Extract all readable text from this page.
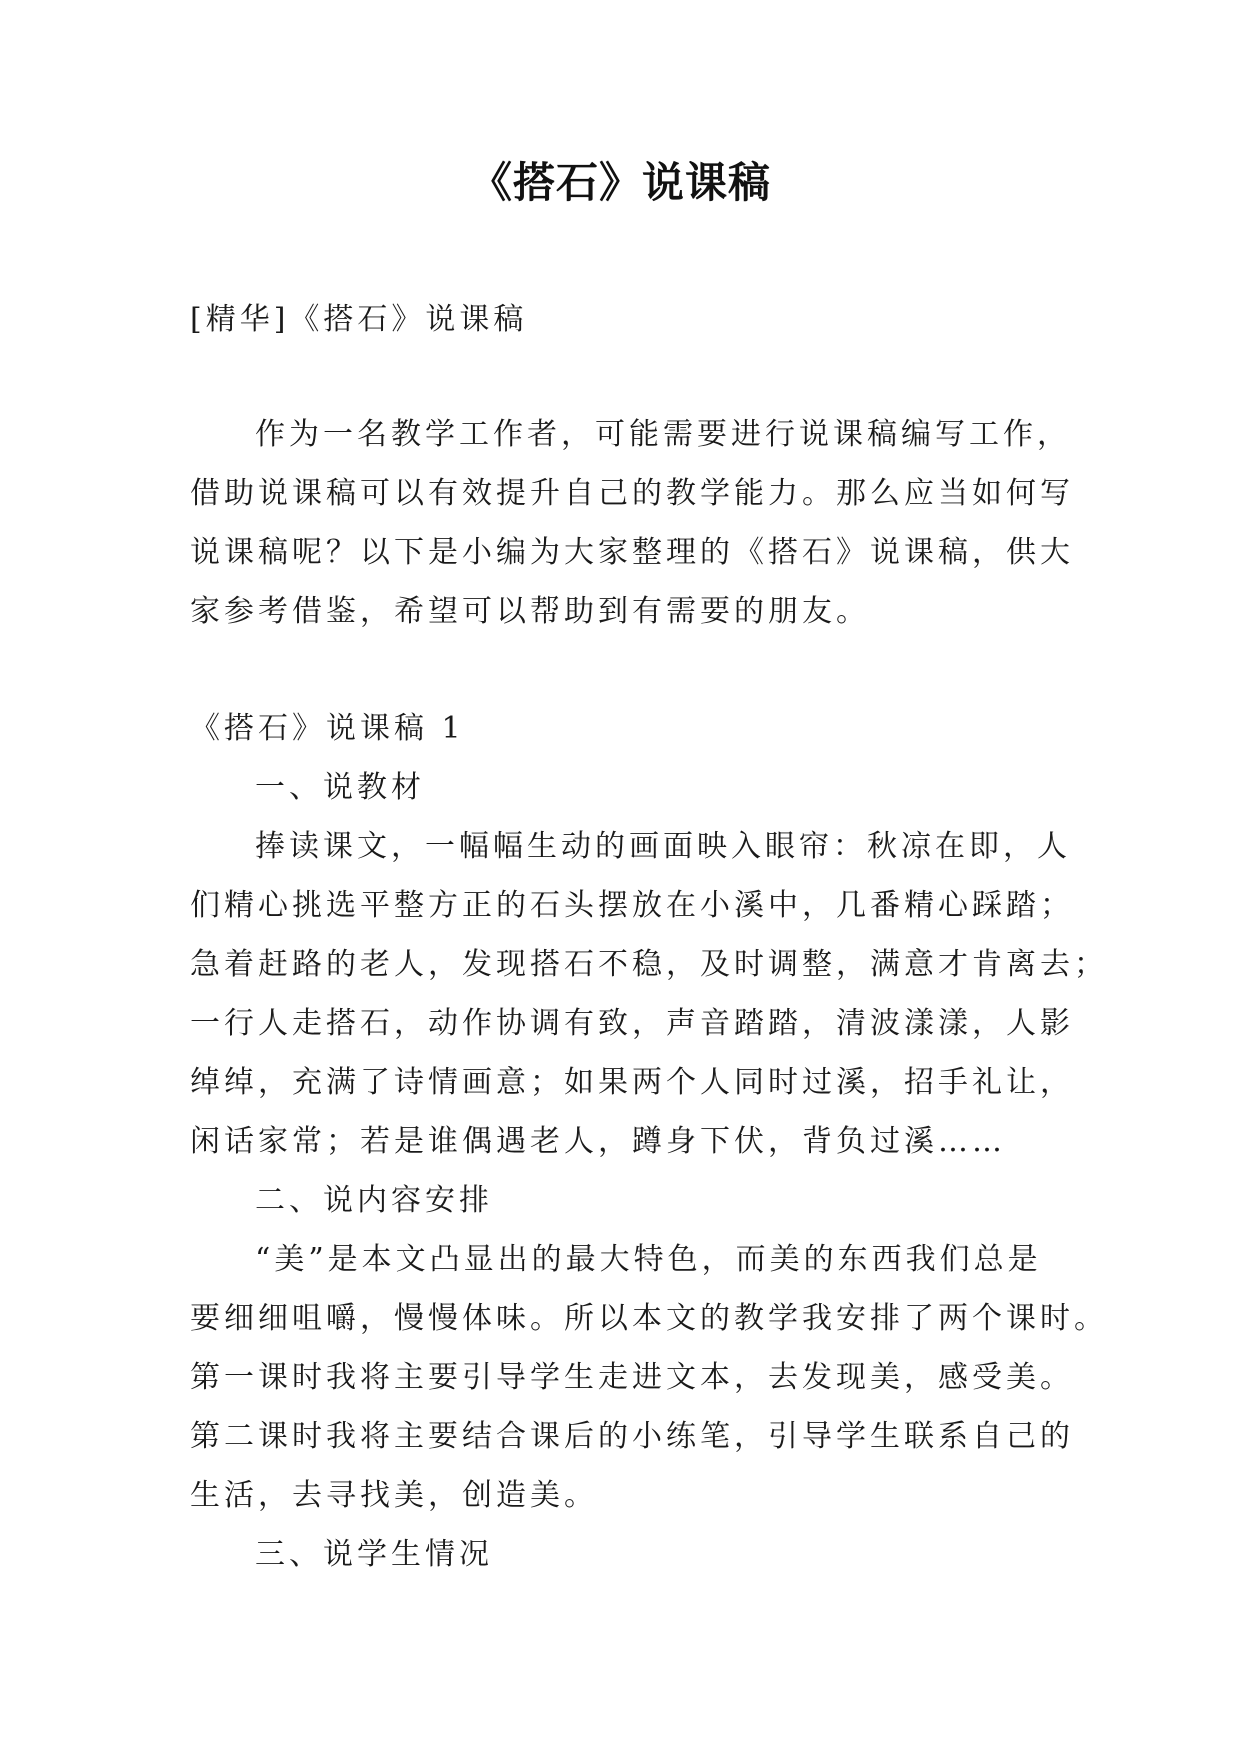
《搭石》说课稿
[精华]《搭石》说课稿
作为一名教学工作者，可能需要进行说课稿编写工作，
借助说课稿可以有效提升自己的教学能力。那么应当如何写
说课稿呢？以下是小编为大家整理的《搭石》说课稿，供大
家参考借鉴，希望可以帮助到有需要的朋友。
《搭石》说课稿 1
一、说教材
捧读课文，一幅幅生动的画面映入眼帘：秋凉在即，人
们精心挑选平整方正的石头摆放在小溪中，几番精心踩踏；
急着赶路的老人，发现搭石不稳，及时调整，满意才肯离去；
一行人走搭石，动作协调有致，声音踏踏，清波漾漾，人影
绰绰，充满了诗情画意；如果两个人同时过溪，招手礼让，
闲话家常；若是谁偶遇老人，蹲身下伏，背负过溪……
二、说内容安排
“美”是本文凸显出的最大特色，而美的东西我们总是
要细细咀嚼，慢慢体味。所以本文的教学我安排了两个课时。
第一课时我将主要引导学生走进文本，去发现美，感受美。
第二课时我将主要结合课后的小练笔，引导学生联系自己的
生活，去寻找美，创造美。
三、说学生情况
